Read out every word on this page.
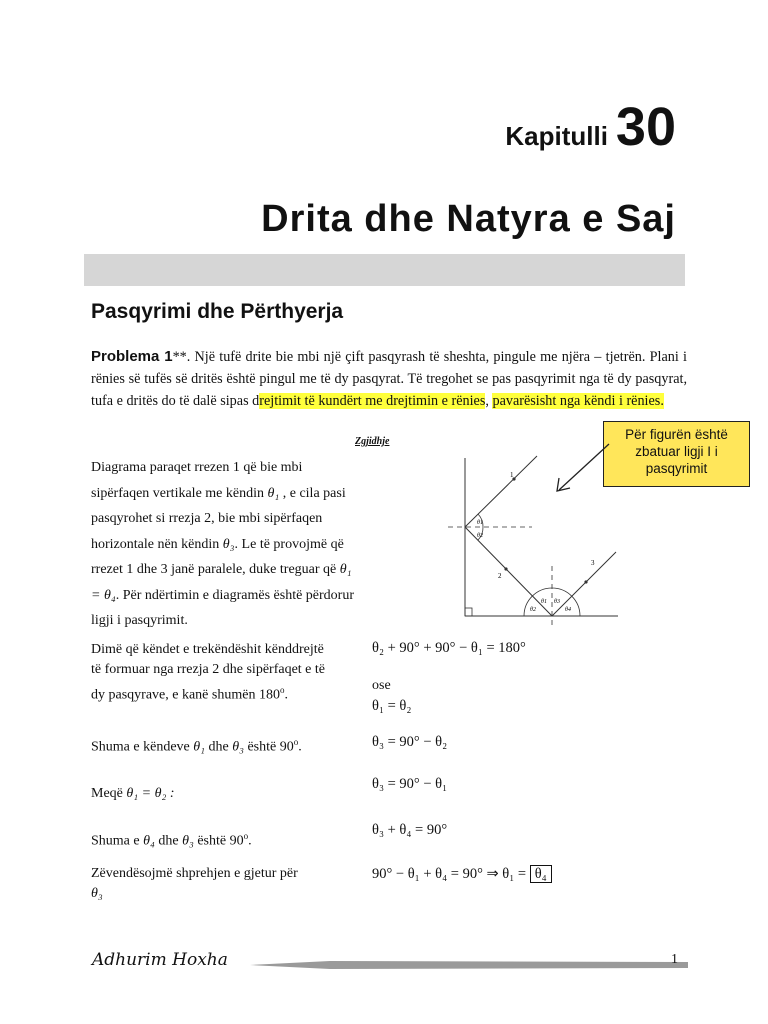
Kapitulli 30
Drita dhe Natyra e Saj
Pasqyrimi dhe Përthyerja
Problema 1**. Një tufë drite bie mbi një çift pasqyrash të sheshta, pingule me njëra – tjetrën. Plani i rënies së tufës së dritës është pingul me të dy pasqyrat. Të tregohet se pas pasqyrimit nga të dy pasqyrat, tufa e dritës do të dalë sipas drejtimit të kundërt me drejtimin e rënies, pavarësisht nga këndi i rënies.
Për figurën është zbatuar ligji I i pasqyrimit
Zgjidhje
1
2
3
θ1
θ2
θ2
θ1 θ3
θ4
Diagrama paraqet rrezen 1 që bie mbi sipërfaqen vertikale me këndin θ₁ , e cila pasi pasqyrohet si rrezja 2, bie mbi sipërfaqen horizontale nën këndin θ₃. Le të provojmë që rrezet 1 dhe 3 janë paralele, duke treguar që θ₁ = θ₄. Për ndërtimin e diagramës është përdorur ligji i pasqyrimit.
Dimë që këndet e trekëndëshit kënddrejtë të formuar nga rrezja 2 dhe sipërfaqet e të dy pasqyrave, e kanë shumën 180$^o$.
θ₂ + 90° + 90° − θ₁ = 180°
ose
θ₁ = θ₂
Shuma e këndeve θ₁ dhe θ₃ është 90$^o$.	θ₃ = 90° − θ₂
Meqë θ₁ = θ₂ :
θ₃ = 90° − θ₁
Shuma e θ₄ dhe θ₃ është 90$^o$.
θ₃ + θ₄ = 90°
Zëvendësojmë shprehjen e gjetur për
θ₃
90° − θ₁ + θ₄ = 90° ⇒ θ₁ = θ₄
Adhurim Hoxha	1
